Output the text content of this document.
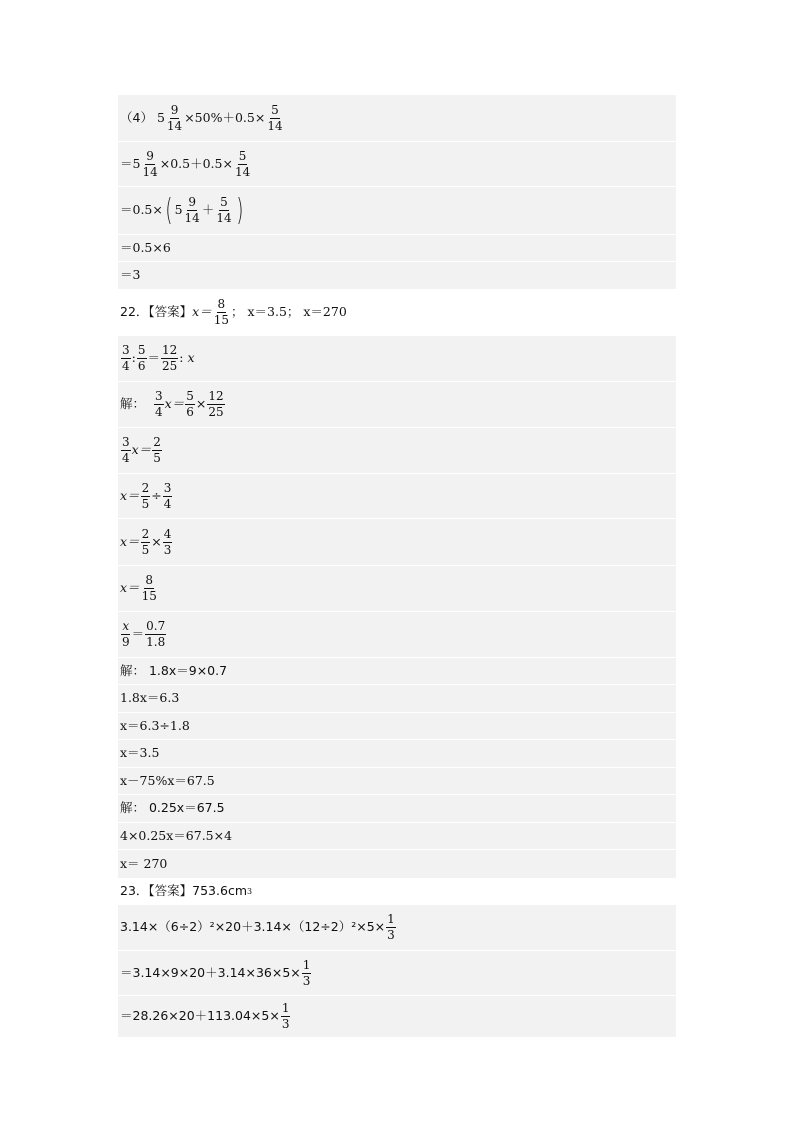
（4） $5 \frac{9}{14} \times 50\%+0.5\times \frac{5}{14}$
$=5 \frac{9}{14} \times 0.5+0.5\times \frac{5}{14}$
＝0.5× ( $5 \frac{9}{14} + \frac{5}{14}$ )
＝0.5×6
＝3
22．【答案】 $x= \frac{8}{15}$ ； x＝3.5； x＝270
$\frac{3}{4}$ : $\frac{5}{6} = \frac{12}{25}$ : x
解： $\frac{3}{4} x= \frac{5}{6} \times \frac{12}{25}$
$\frac{3}{4} x= \frac{2}{5}$
$x= \frac{2}{5} \div \frac{3}{4}$
$x= \frac{2}{5} \times \frac{4}{3}$
$x= \frac{8}{15}$
$\frac{x}{9} = \frac{0.7}{1.8}$
解： 1.8x＝9×0.7
1.8x＝6.3
x＝6.3÷1.8
x＝3.5
x－75%x＝67.5
解： 0.25x＝67.5
4×0.25x＝67.5×4
x＝ 270
23．【答案】753.6cm 3
$3.14\times(6\div 2)^2\times 20+3.14\times(12\div 2)^2\times 5\times \frac{1}{3}$
$=3.14\times 9\times 20+3.14\times 36\times 5\times \frac{1}{3}$
$=28.26\times 20+113.04\times 5\times \frac{1}{3}$
